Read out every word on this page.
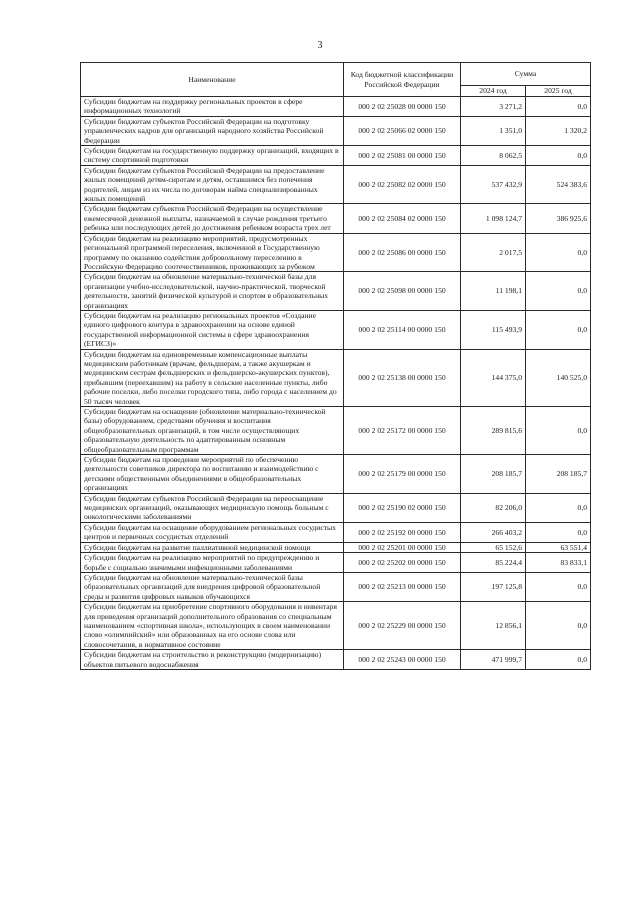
3
Наименование	Код бюджетной классификации Российской Федерации	Сумма	
		2024 год	2025 год
Субсидии бюджетам на поддержку региональных проектов в сфере информационных технологий	000 2 02 25028 00 0000 150	3 271,2	0,0
Субсидии бюджетам субъектов Российской Федерации на подготовку управленческих кадров для организаций народного хозяйства Российской Федерации	000 2 02 25066 02 0000 150	1 351,0	1 320,2
Субсидии бюджетам на государственную поддержку организаций, входящих в систему спортивной подготовки	000 2 02 25081 00 0000 150	8 062,5	0,0
Субсидии бюджетам субъектов Российской Федерации на предоставление жилых помещений детям-сиротам и детям, оставшимся без попечения родителей, лицам из их числа по договорам найма специализированных жилых помещений	000 2 02 25082 02 0000 150	537 432,9	524 383,6
Субсидии бюджетам субъектов Российской Федерации на осуществление ежемесячной денежной выплаты, назначаемой в случае рождения третьего ребенка или последующих детей до достижения ребенком возраста трех лет	000 2 02 25084 02 0000 150	1 098 124,7	386 925,6
Субсидии бюджетам на реализацию мероприятий, предусмотренных региональной программой переселения, включенной в Государственную программу по оказанию содействия добровольному переселению в Российскую Федерацию соотечественников, проживающих за рубежом	000 2 02 25086 00 0000 150	2 017,5	0,0
Субсидии бюджетам на обновление материально-технической базы для организации учебно-исследовательской, научно-практической, творческой деятельности, занятий физической культурой и спортом в образовательных организациях	000 2 02 25098 00 0000 150	11 198,1	0,0
Субсидии бюджетам на реализацию региональных проектов «Создание единого цифрового контура в здравоохранении на основе единой государственной информационной системы в сфере здравоохранения (ЕГИСЗ)»	000 2 02 25114 00 0000 150	115 493,9	0,0
Субсидии бюджетам на единовременные компенсационные выплаты медицинским работникам (врачам, фельдшерам, а также акушеркам и медицинским сестрам фельдшерских и фельдшерско-акушерских пунктов), прибывшим (переехавшим) на работу в сельские населенные пункты, либо рабочие поселки, либо поселки городского типа, либо города с населением до 50 тысяч человек	000 2 02 25138 00 0000 150	144 375,0	140 525,0
Субсидии бюджетам на оснащение (обновление материально-технической базы) оборудованием, средствами обучения и воспитания общеобразовательных организаций, в том числе осуществляющих образовательную деятельность по адаптированным основным общеобразовательным программам	000 2 02 25172 00 0000 150	289 815,6	0,0
Субсидии бюджетам на проведение мероприятий по обеспечению деятельности советников директора по воспитанию и взаимодействию с детскими общественными объединениями в общеобразовательных организациях	000 2 02 25179 00 0000 150	208 185,7	208 185,7
Субсидии бюджетам субъектов Российской Федерации на переоснащение медицинских организаций, оказывающих медицинскую помощь больным с онкологическими заболеваниями	000 2 02 25190 02 0000 150	82 206,0	0,0
Субсидии бюджетам на оснащение оборудованием региональных сосудистых центров и первичных сосудистых отделений	000 2 02 25192 00 0000 150	266 403,2	0,0
Субсидии бюджетам на развитие паллиативной медицинской помощи	000 2 02 25201 00 0000 150	65 152,6	63 551,4
Субсидии бюджетам на реализацию мероприятий по предупреждению и борьбе с социально значимыми инфекционными заболеваниями	000 2 02 25202 00 0000 150	85 224,4	83 833,1
Субсидии бюджетам на обновление материально-технической базы образовательных организаций для внедрения цифровой образовательной среды и развития цифровых навыков обучающихся	000 2 02 25213 00 0000 150	197 125,8	0,0
Субсидии бюджетам на приобретение спортивного оборудования и инвентаря для приведения организаций дополнительного образования со специальным наименованием «спортивная школа», использующих в своем наименовании слово «олимпийский» или образованных на его основе слова или словосочетания, в нормативное состояние	000 2 02 25229 00 0000 150	12 856,1	0,0
Субсидии бюджетам на строительство и реконструкцию (модернизацию) объектов питьевого водоснабжения	000 2 02 25243 00 0000 150	471 999,7	0,0
